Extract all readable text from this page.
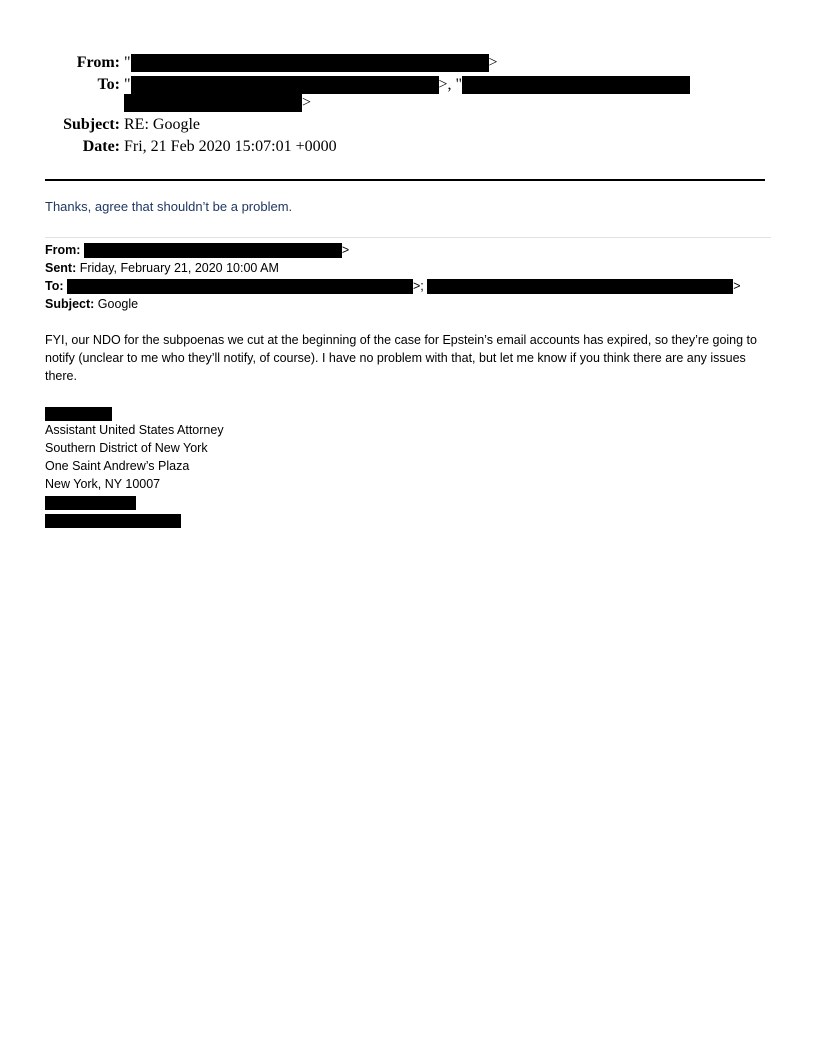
From: "	>
To: "	>, "
>
Subject: RE: Google
Date: Fri, 21 Feb 2020 15:07:01 +0000
Thanks, agree that shouldn’t be a problem.
From:	>
Sent: Friday, February 21, 2020 10:00 AM
To:	>;	>
Subject: Google
FYI, our NDO for the subpoenas we cut at the beginning of the case for Epstein’s email accounts has expired, so they’re going to notify (unclear to me who they’ll notify, of course). I have no problem with that, but let me know if you think there are any issues there.
Assistant United States Attorney
Southern District of New York
One Saint Andrew’s Plaza
New York, NY 10007
